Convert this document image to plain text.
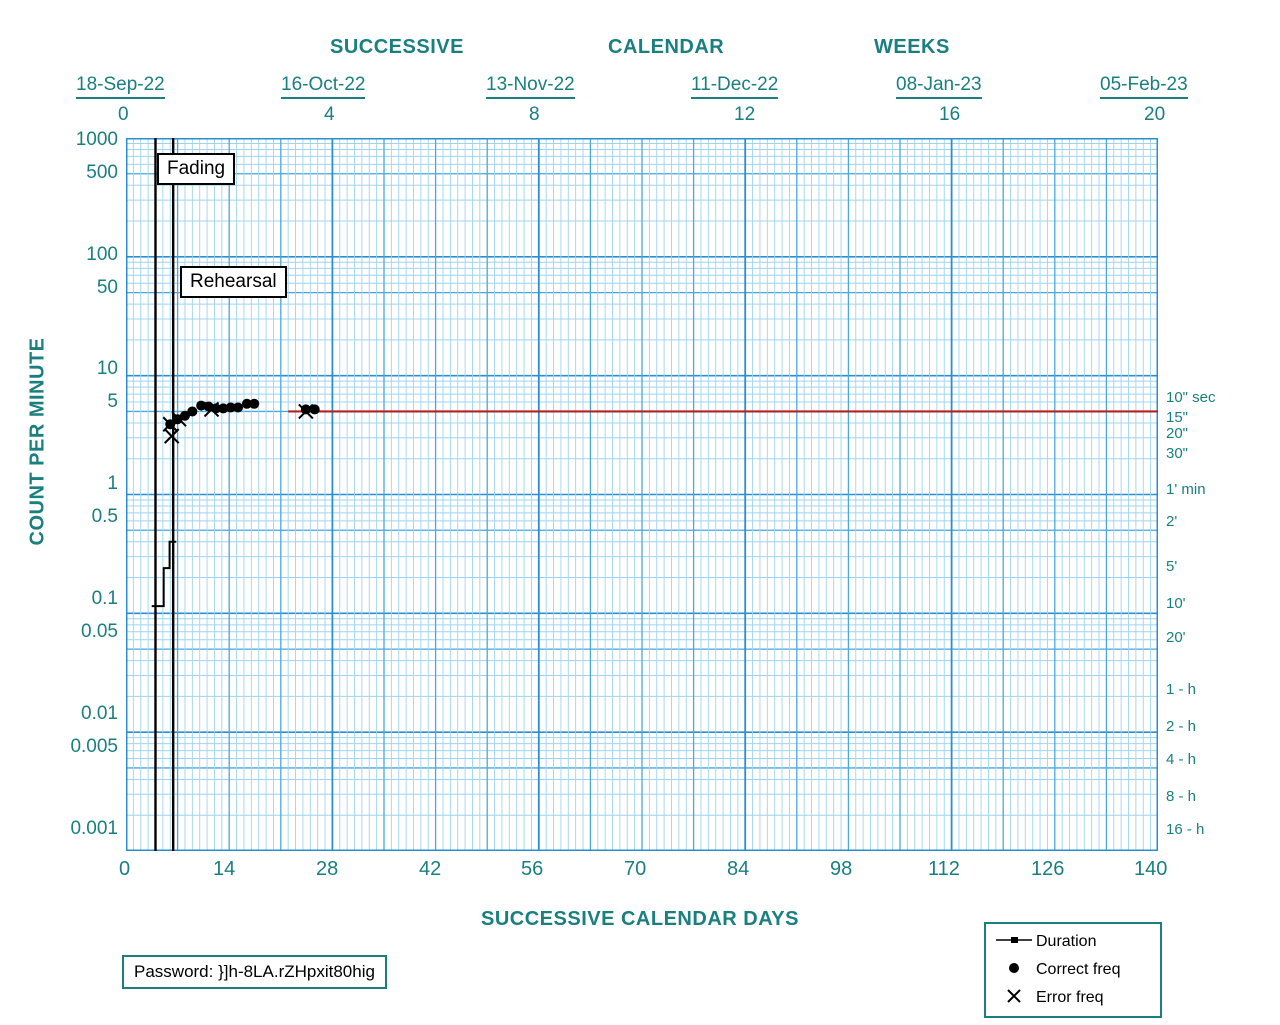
SUCCESSIVE	CALENDAR	WEEKS
18-Sep-22	16-Oct-22	13-Nov-22	11-Dec-22	08-Jan-23	05-Feb-23
0	4	8	12	16	20
COUNT PER MINUTE
1000
500
100
50
10
5
1
0.5
0.1
0.05
0.01
0.005
0.001
10" sec
15"
20"
30"
1' min
2'
5'
10'
20'
1 - h
2 - h
4 - h
8 - h
16 - h
Fading
Rehearsal
0	14	28	42	56	70	84	98	112	126	140
SUCCESSIVE CALENDAR DAYS
Password: }]h-8LA.rZHpxit80hig
Duration
Correct freq
Error freq
